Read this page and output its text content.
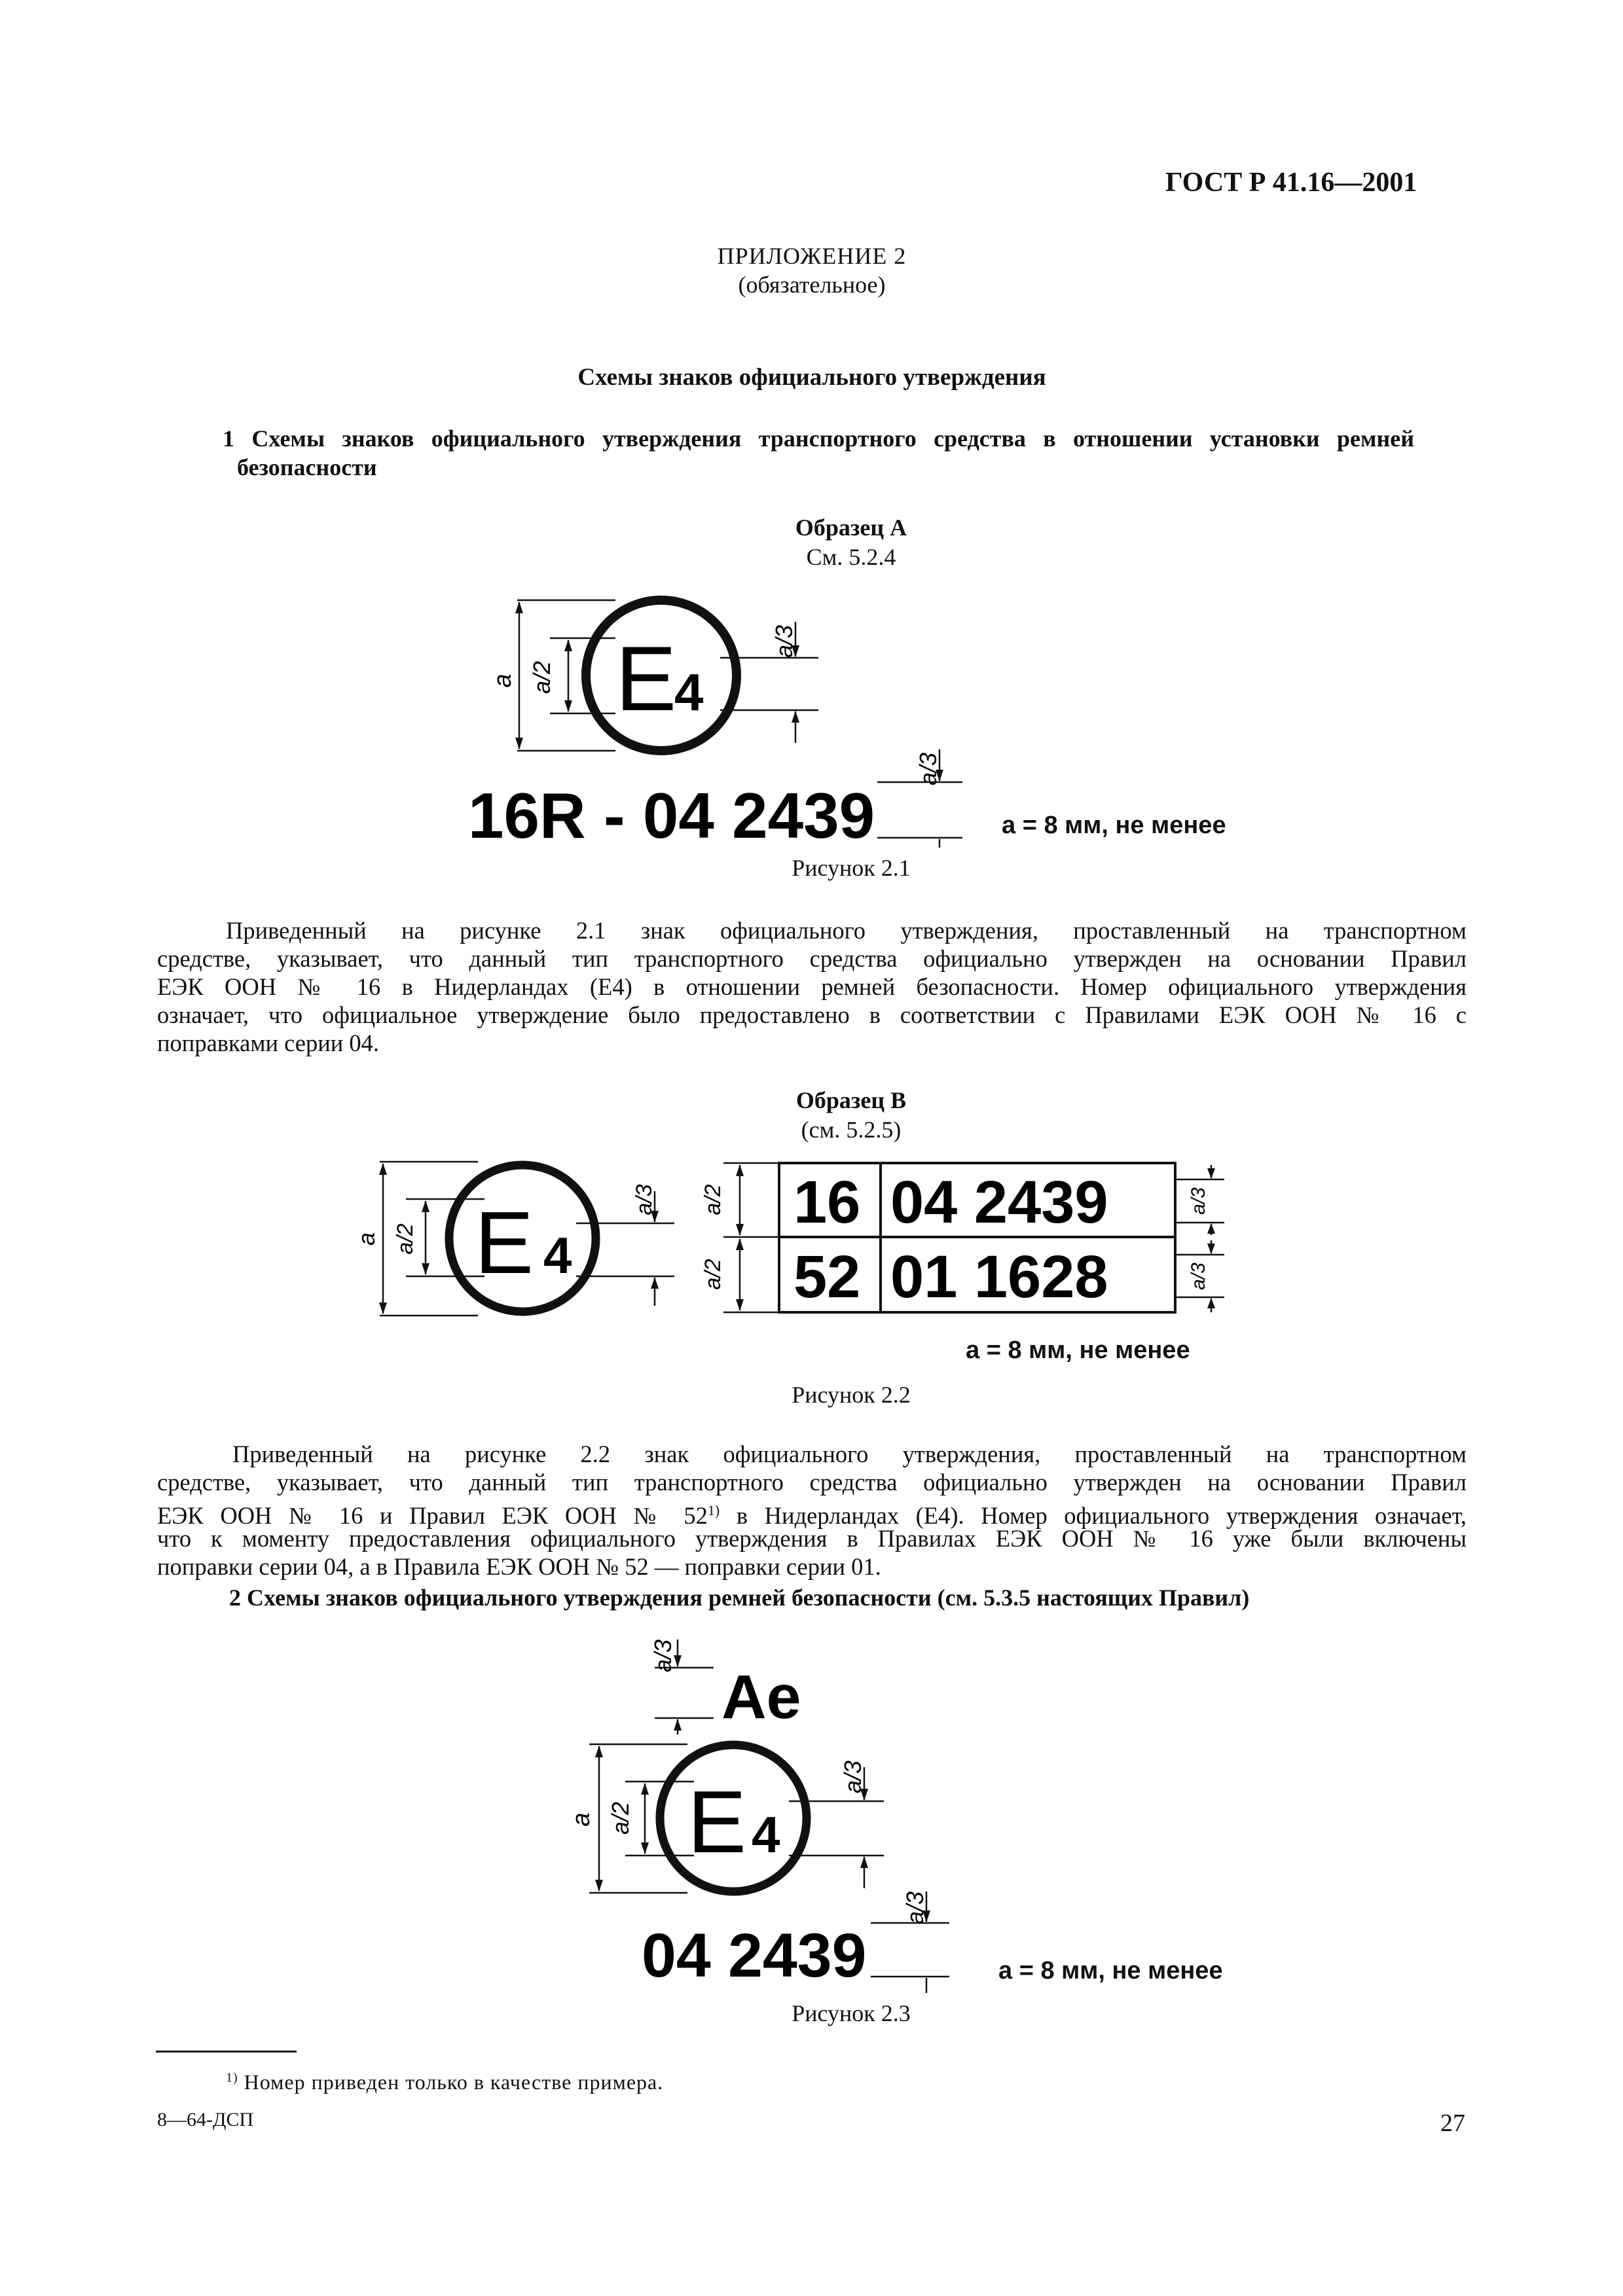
ГОСТ Р 41.16—2001
ПРИЛОЖЕНИЕ 2
(обязательное)
Схемы знаков официального утверждения
1 Схемы знаков официального утверждения транспортного средства в отношении установки ремней
безопасности
Образец А
См. 5.2.4
a a/2 E
4
a/3
a/3
16R - 04 2439	a = 8 мм, не менее
Рисунок 2.1
Приведенный на рисунке 2.1 знак официального утверждения, проставленный на транспортном
средстве, указывает, что данный тип транспортного средства официально утвержден на основании Правил
ЕЭК ООН № 16 в Нидерландах (E4) в отношении ремней безопасности. Номер официального утверждения
означает, что официальное утверждение было предоставлено в соответствии с Правилами ЕЭК ООН № 16 с
поправками серии 04.
Образец В
(см. 5.2.5)
a a/2 E 4
a/3 a/2
a/2
16 04 2439
52 01 1628
a/3
a/3
a = 8 мм, не менее
Рисунок 2.2
Приведенный на рисунке 2.2 знак официального утверждения, проставленный на транспортном
средстве, указывает, что данный тип транспортного средства официально утвержден на основании Правил
ЕЭК ООН № 16 и Правил ЕЭК ООН № 52$^{1)}$ в Нидерландах (E4). Номер официального утверждения означает,
что к моменту предоставления официального утверждения в Правилах ЕЭК ООН № 16 уже были включены
поправки серии 04, а в Правила ЕЭК ООН № 52 — поправки серии 01.
2 Схемы знаков официального утверждения ремней безопасности (см. 5.3.5 настоящих Правил)
a/3
Ae
a a/2 E 4
a/3
a/3
04 2439	a = 8 мм, не менее
Рисунок 2.3
$^{1)}$ Номер приведен только в качестве примера.
8—64-ДСП	27
